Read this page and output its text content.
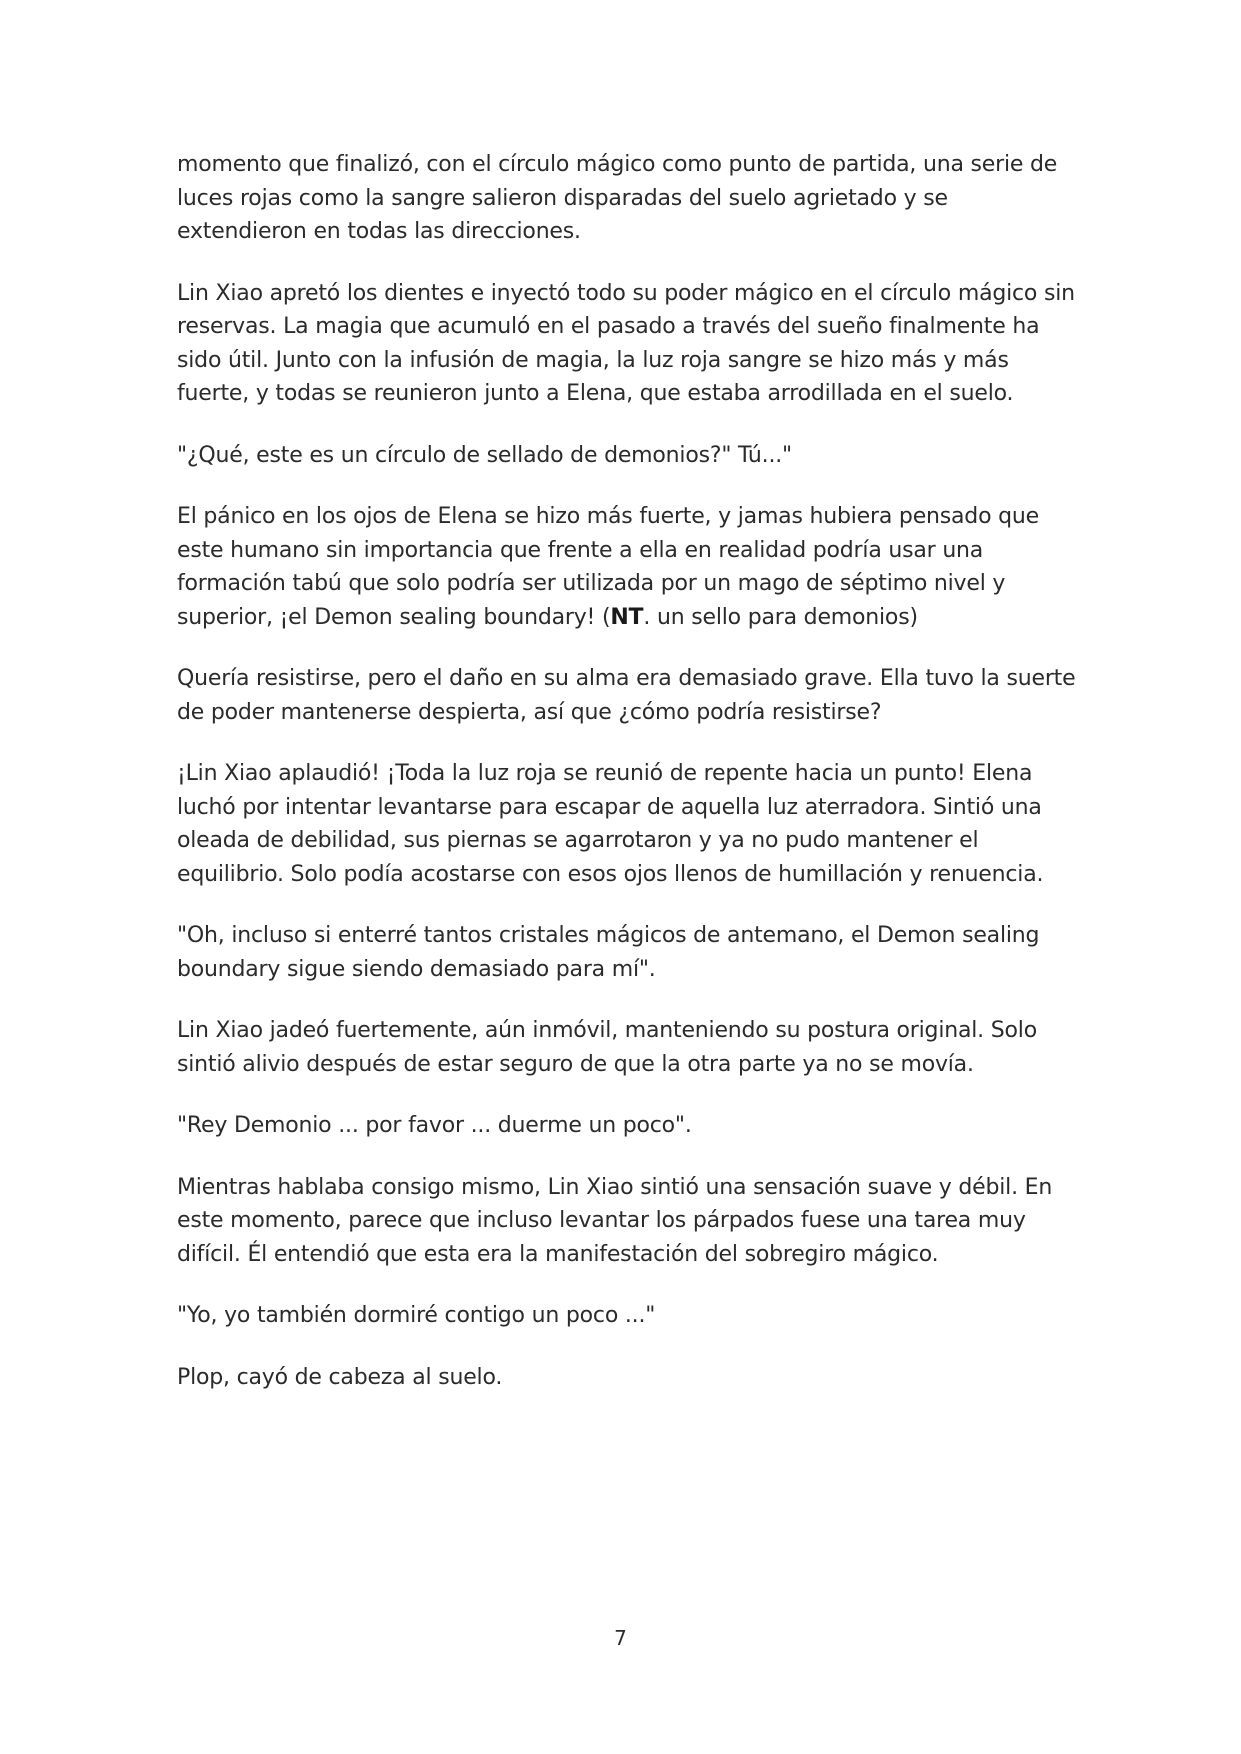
momento que finalizó, con el círculo mágico como punto de partida, una serie de luces rojas como la sangre salieron disparadas del suelo agrietado y se extendieron en todas las direcciones.

Lin Xiao apretó los dientes e inyectó todo su poder mágico en el círculo mágico sin reservas. La magia que acumuló en el pasado a través del sueño finalmente ha sido útil. Junto con la infusión de magia, la luz roja sangre se hizo más y más fuerte, y todas se reunieron junto a Elena, que estaba arrodillada en el suelo.

"¿Qué, este es un círculo de sellado de demonios?" Tú..."

El pánico en los ojos de Elena se hizo más fuerte, y jamas hubiera pensado que este humano sin importancia que frente a ella en realidad podría usar una formación tabú que solo podría ser utilizada por un mago de séptimo nivel y superior, ¡el Demon sealing boundary! (NT. un sello para demonios)

Quería resistirse, pero el daño en su alma era demasiado grave. Ella tuvo la suerte de poder mantenerse despierta, así que ¿cómo podría resistirse?

¡Lin Xiao aplaudió! ¡Toda la luz roja se reunió de repente hacia un punto! Elena luchó por intentar levantarse para escapar de aquella luz aterradora. Sintió una oleada de debilidad, sus piernas se agarrotaron y ya no pudo mantener el equilibrio. Solo podía acostarse con esos ojos llenos de humillación y renuencia.

"Oh, incluso si enterré tantos cristales mágicos de antemano, el Demon sealing boundary sigue siendo demasiado para mí".

Lin Xiao jadeó fuertemente, aún inmóvil, manteniendo su postura original. Solo sintió alivio después de estar seguro de que la otra parte ya no se movía.

"Rey Demonio ... por favor ... duerme un poco".

Mientras hablaba consigo mismo, Lin Xiao sintió una sensación suave y débil. En este momento, parece que incluso levantar los párpados fuese una tarea muy difícil. Él entendió que esta era la manifestación del sobregiro mágico.

"Yo, yo también dormiré contigo un poco ..."

Plop, cayó de cabeza al suelo.

7
